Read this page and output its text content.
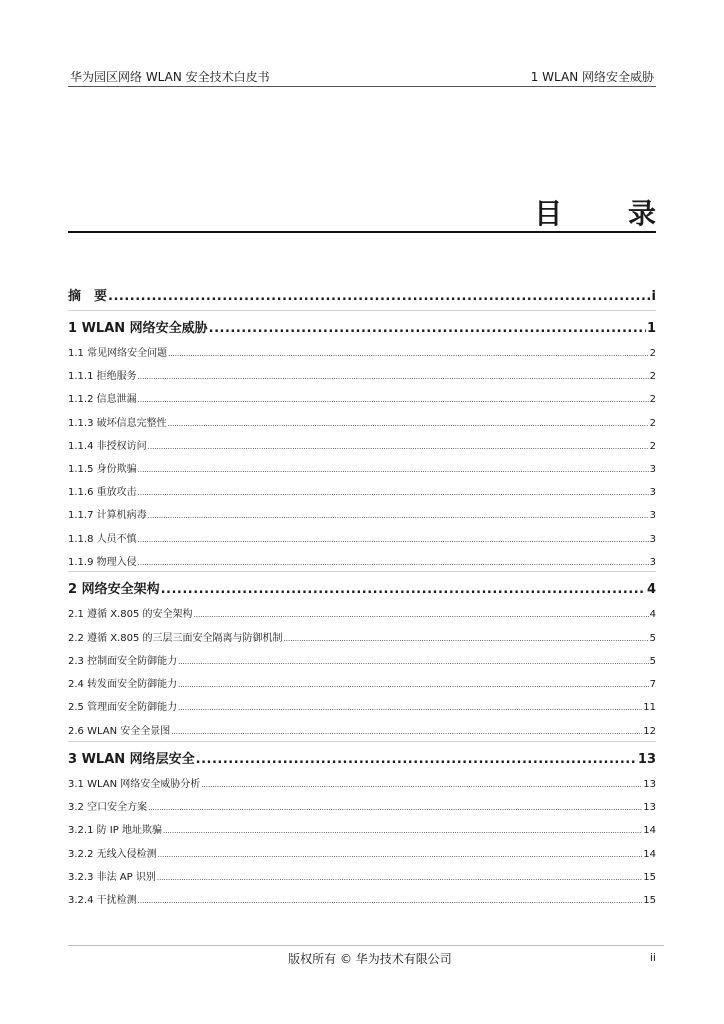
华为园区网络 WLAN 安全技术白皮书	1 WLAN 网络安全威胁
目 录
摘　要 .....	i
1 WLAN 网络安全威胁 .....	1
1.1 常见网络安全问题 .....	2
1.1.1 拒绝服务 .....	2
1.1.2 信息泄漏 .....	2
1.1.3 破坏信息完整性 .....	2
1.1.4 非授权访问 .....	2
1.1.5 身份欺骗 .....	3
1.1.6 重放攻击 .....	3
1.1.7 计算机病毒 .....	3
1.1.8 人员不慎 .....	3
1.1.9 物理入侵 .....	3
2 网络安全架构 .....	4
2.1 遵循 X.805 的安全架构 .....	4
2.2 遵循 X.805 的三层三面安全隔离与防御机制 .....	5
2.3 控制面安全防御能力 .....	5
2.4 转发面安全防御能力 .....	7
2.5 管理面安全防御能力 .....	11
2.6 WLAN 安全全景图 .....	12
3 WLAN 网络层安全 .....	13
3.1 WLAN 网络安全威胁分析 .....	13
3.2 空口安全方案 .....	13
3.2.1 防 IP 地址欺骗 .....	14
3.2.2 无线入侵检测 .....	14
3.2.3 非法 AP 识别 .....	15
3.2.4 干扰检测 .....	15
版权所有 © 华为技术有限公司	ii
